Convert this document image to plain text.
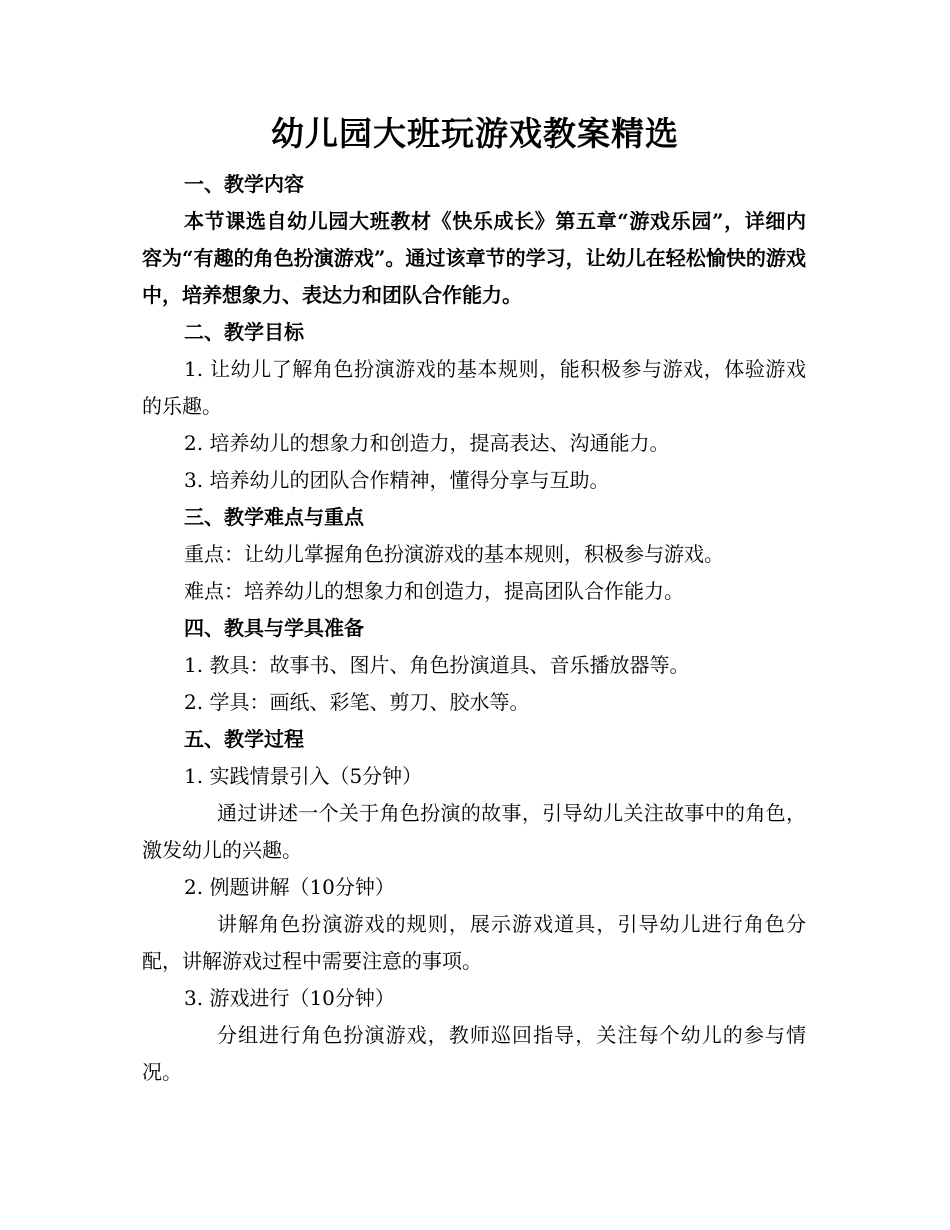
幼儿园大班玩游戏教案精选

一、教学内容

本节课选自幼儿园大班教材《快乐成长》第五章“游戏乐园”，详细内容为“有趣的角色扮演游戏”。通过该章节的学习，让幼儿在轻松愉快的游戏中，培养想象力、表达力和团队合作能力。

二、教学目标

1. 让幼儿了解角色扮演游戏的基本规则，能积极参与游戏，体验游戏的乐趣。

2. 培养幼儿的想象力和创造力，提高表达、沟通能力。

3. 培养幼儿的团队合作精神，懂得分享与互助。

三、教学难点与重点

重点：让幼儿掌握角色扮演游戏的基本规则，积极参与游戏。

难点：培养幼儿的想象力和创造力，提高团队合作能力。

四、教具与学具准备

1. 教具：故事书、图片、角色扮演道具、音乐播放器等。

2. 学具：画纸、彩笔、剪刀、胶水等。

五、教学过程

1. 实践情景引入（5分钟）

通过讲述一个关于角色扮演的故事，引导幼儿关注故事中的角色，激发幼儿的兴趣。

2. 例题讲解（10分钟）

讲解角色扮演游戏的规则，展示游戏道具，引导幼儿进行角色分配，讲解游戏过程中需要注意的事项。

3. 游戏进行（10分钟）

分组进行角色扮演游戏，教师巡回指导，关注每个幼儿的参与情况。
